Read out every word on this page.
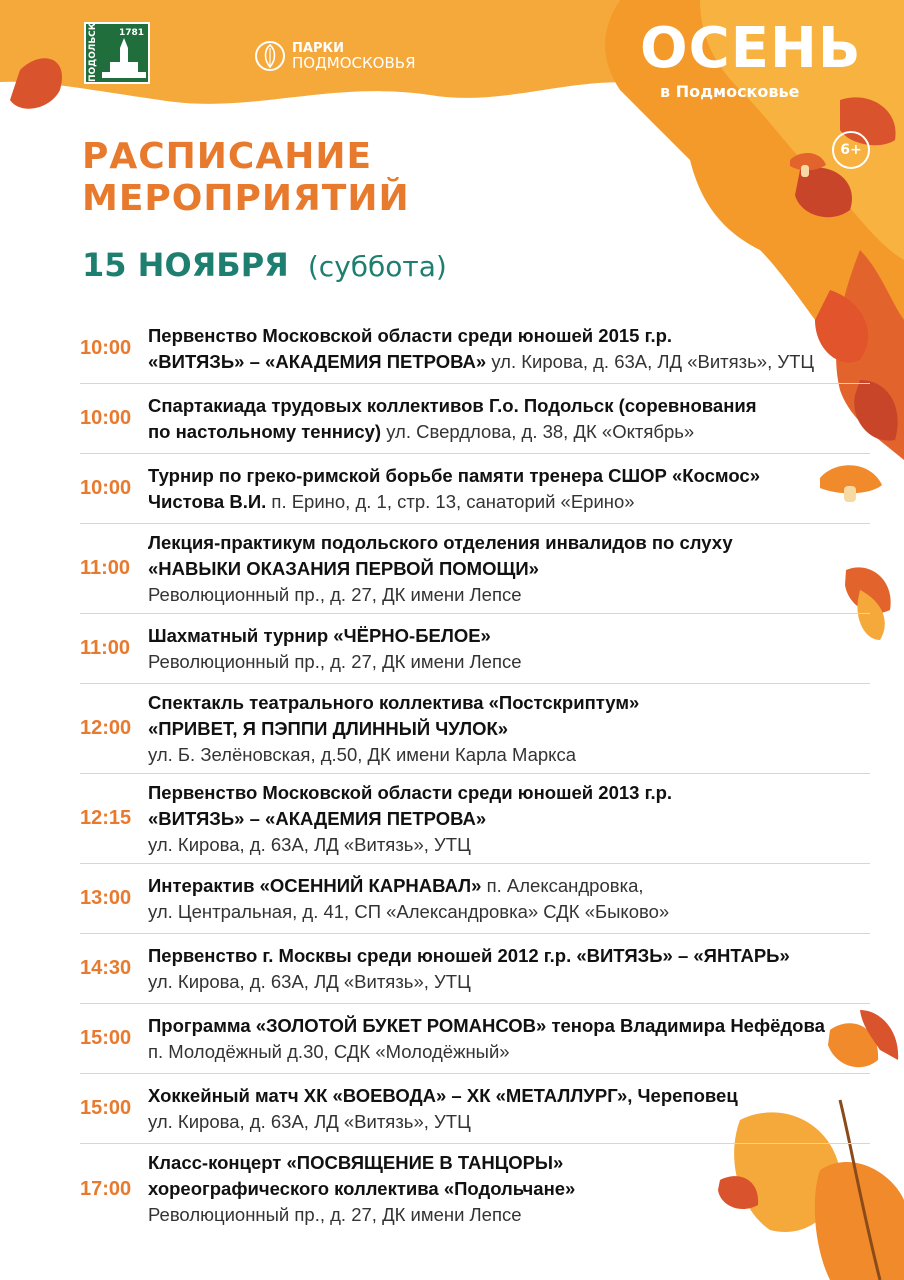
ПОДОЛЬСК 1781
ПАРКИ
ПОДМОСКОВЬЯ	ОСЕНЬ
в Подмосковье
6+
РАСПИСАНИЕ
МЕРОПРИЯТИЙ
15 НОЯБРЯ (суббота)
10:00
Первенство Московской области среди юношей 2015 г.р.
«ВИТЯЗЬ» – «АКАДЕМИЯ ПЕТРОВА» ул. Кирова, д. 63А, ЛД «Витязь», УТЦ
10:00
Спартакиада трудовых коллективов Г.о. Подольск (соревнования
по настольному теннису) ул. Свердлова, д. 38, ДК «Октябрь»
10:00
Турнир по греко-римской борьбе памяти тренера СШОР «Космос»
Чистова В.И. п. Ерино, д. 1, стр. 13, санаторий «Ерино»
11:00
Лекция-практикум подольского отделения инвалидов по слуху
«НАВЫКИ ОКАЗАНИЯ ПЕРВОЙ ПОМОЩИ»
Революционный пр., д. 27, ДК имени Лепсе
11:00
Шахматный турнир «ЧЁРНО-БЕЛОЕ»
Революционный пр., д. 27, ДК имени Лепсе
12:00
Спектакль театрального коллектива «Постскриптум»
«ПРИВЕТ, Я ПЭППИ ДЛИННЫЙ ЧУЛОК»
ул. Б. Зелёновская, д.50, ДК имени Карла Маркса
12:15
Первенство Московской области среди юношей 2013 г.р.
«ВИТЯЗЬ» – «АКАДЕМИЯ ПЕТРОВА»
ул. Кирова, д. 63А, ЛД «Витязь», УТЦ
13:00
Интерактив «ОСЕННИЙ КАРНАВАЛ» п. Александровка,
ул. Центральная, д. 41, СП «Александровка» СДК «Быково»
14:30
Первенство г. Москвы среди юношей 2012 г.р. «ВИТЯЗЬ» – «ЯНТАРЬ»
ул. Кирова, д. 63А, ЛД «Витязь», УТЦ
15:00
Программа «ЗОЛОТОЙ БУКЕТ РОМАНСОВ» тенора Владимира Нефёдова
п. Молодёжный д.30, СДК «Молодёжный»
15:00
Хоккейный матч ХК «ВОЕВОДА» – ХК «МЕТАЛЛУРГ», Череповец
ул. Кирова, д. 63А, ЛД «Витязь», УТЦ
17:00
Класс-концерт «ПОСВЯЩЕНИЕ В ТАНЦОРЫ»
хореографического коллектива «Подольчане»
Революционный пр., д. 27, ДК имени Лепсе
